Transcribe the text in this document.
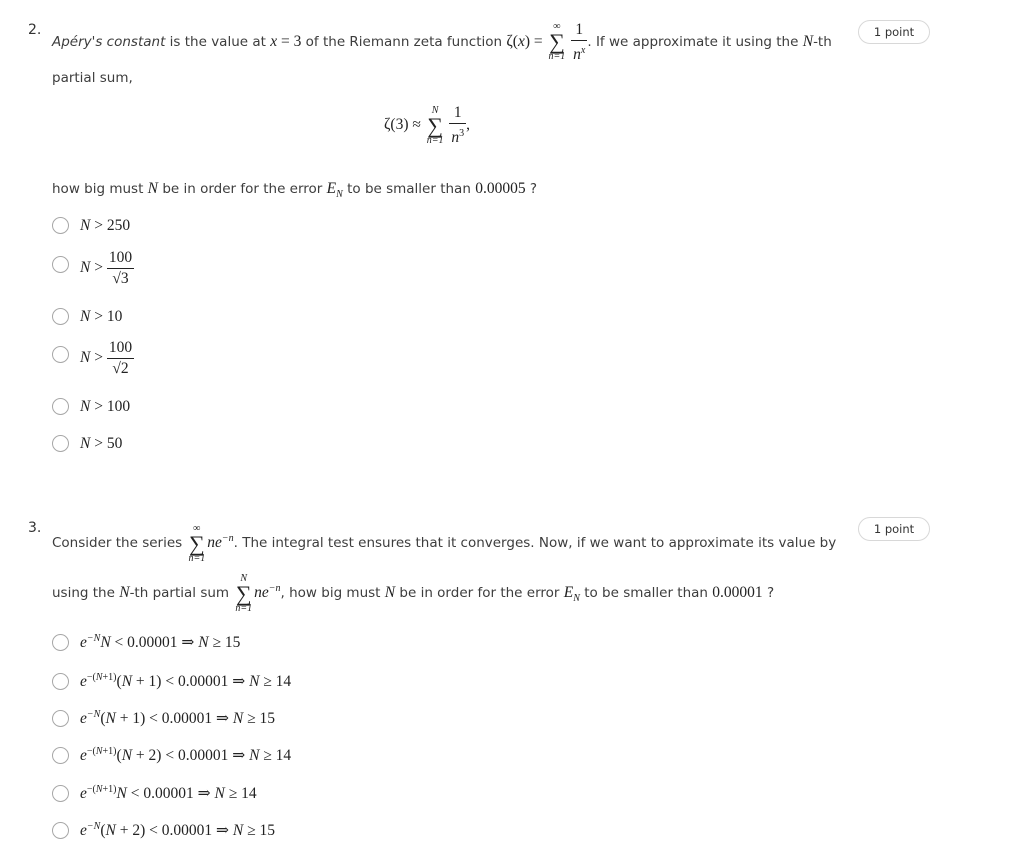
2.	1 point
Apéry's constant is the value at x = 3 of the Riemann zeta function ζ(x) =
∞
∑
n=1
$\frac{1}{n^x}$ . If we approximate it using the N-th
partial sum,
ζ(3) ≈
N
∑
n=1
$\frac{1}{n^3}$ ,
how big must N be in order for the error $E_N$ to be smaller than 0.00005 ?
N > 250
$N > \frac{100}{√3}$
N > 10
$N > \frac{100}{√2}$
N > 100
N > 50
3.	1 point
Consider the series
∞
∑
n=1
$ne^{-n}$. The integral test ensures that it converges. Now, if we want to approximate its value by
using the N-th partial sum
N
∑
n=1
$ne^{-n}$, how big must N be in order for the error $E_N$ to be smaller than 0.00001 ?
$e^{-N}N < 0.00001$ ⇒ N ≥ 15
$e^{-(N+1)}(N + 1) < 0.00001$ ⇒ N ≥ 14
$e^{-N}(N + 1) < 0.00001$ ⇒ N ≥ 15
$e^{-(N+1)}(N + 2) < 0.00001$ ⇒ N ≥ 14
$e^{-(N+1)}N < 0.00001$ ⇒ N ≥ 14
$e^{-N}(N + 2) < 0.00001$ ⇒ N ≥ 15
